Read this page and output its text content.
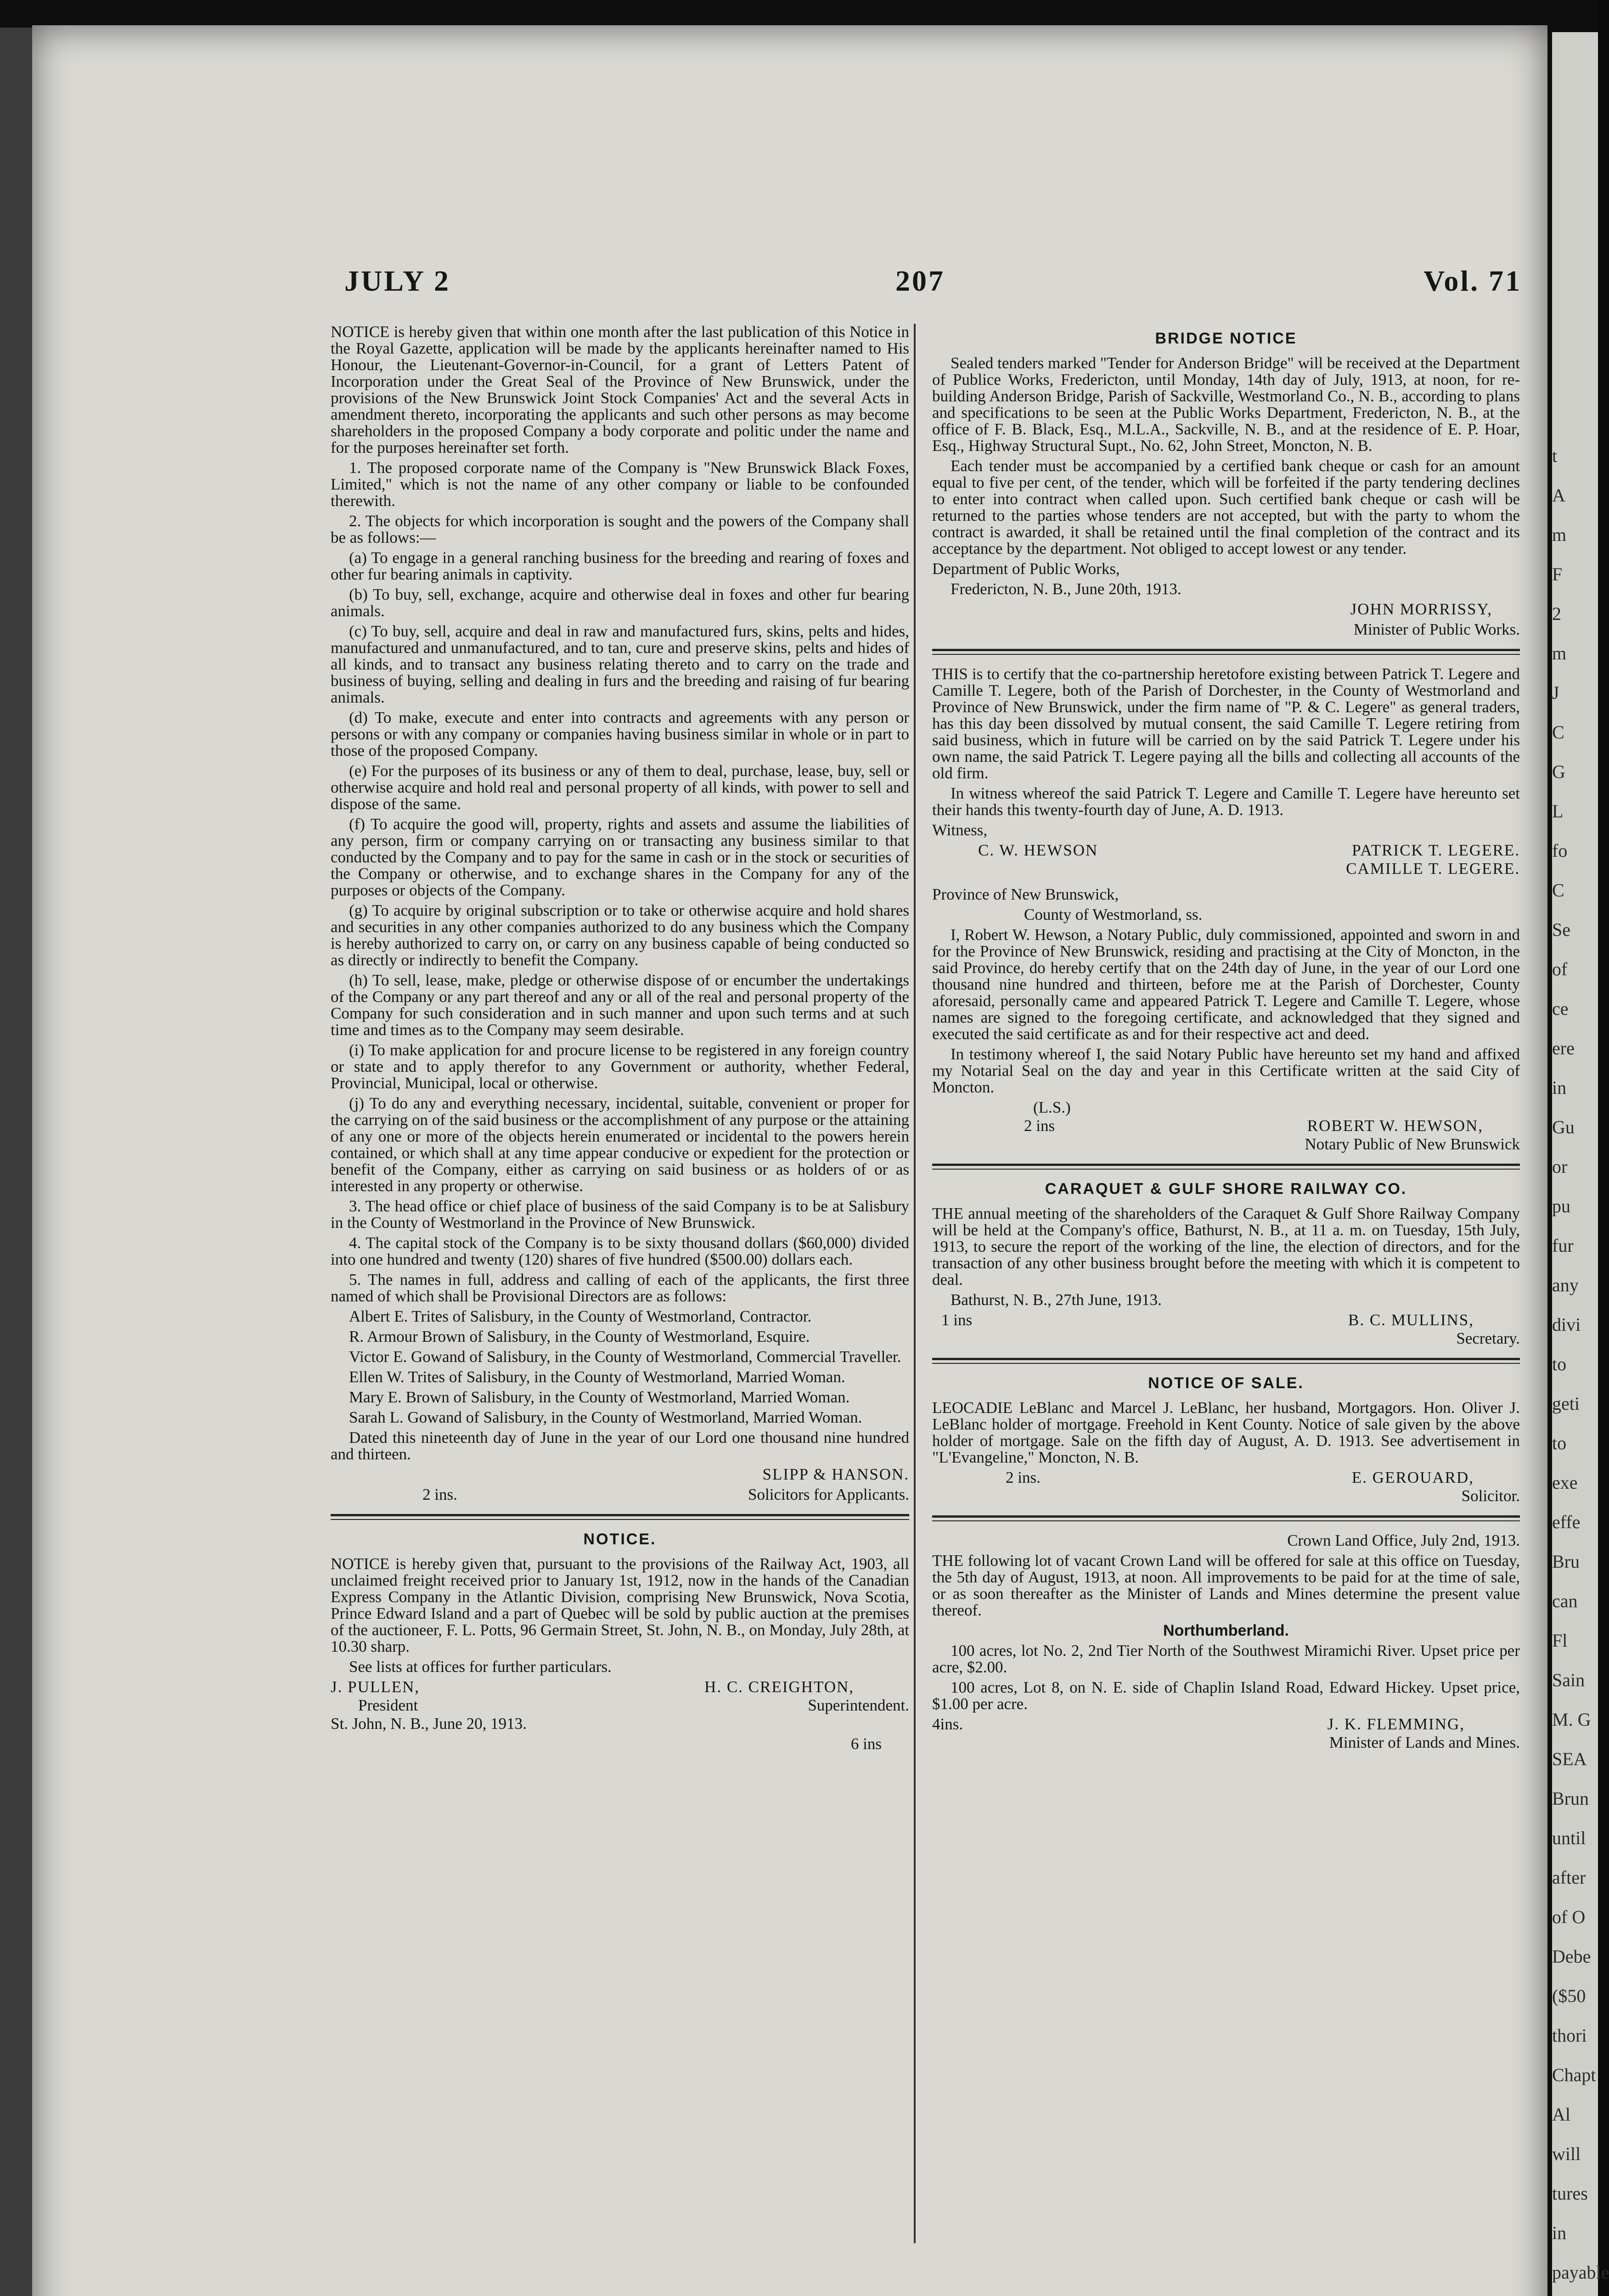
JULY 2	207	Vol. 71

NOTICE is hereby given that within one month after the last publication of this Notice in the Royal Gazette, application will be made by the applicants hereinafter named to His Honour, the Lieutenant-Governor-in-Council, for a grant of Letters Patent of Incorporation under the Great Seal of the Province of New Brunswick, under the provisions of the New Brunswick Joint Stock Companies' Act and the several Acts in amendment thereto, incorporating the applicants and such other persons as may become shareholders in the proposed Company a body corporate and politic under the name and for the purposes hereinafter set forth.

1. The proposed corporate name of the Company is "New Brunswick Black Foxes, Limited," which is not the name of any other company or liable to be confounded therewith.

2. The objects for which incorporation is sought and the powers of the Company shall be as follows:—

(a) To engage in a general ranching business for the breeding and rearing of foxes and other fur bearing animals in captivity.

(b) To buy, sell, exchange, acquire and otherwise deal in foxes and other fur bearing animals.

(c) To buy, sell, acquire and deal in raw and manufactured furs, skins, pelts and hides, manufactured and unmanufactured, and to tan, cure and preserve skins, pelts and hides of all kinds, and to transact any business relating thereto and to carry on the trade and business of buying, selling and dealing in furs and the breeding and raising of fur bearing animals.

(d) To make, execute and enter into contracts and agreements with any person or persons or with any company or companies having business similar in whole or in part to those of the proposed Company.

(e) For the purposes of its business or any of them to deal, purchase, lease, buy, sell or otherwise acquire and hold real and personal property of all kinds, with power to sell and dispose of the same.

(f) To acquire the good will, property, rights and assets and assume the liabilities of any person, firm or company carrying on or transacting any business similar to that conducted by the Company and to pay for the same in cash or in the stock or securities of the Company or otherwise, and to exchange shares in the Company for any of the purposes or objects of the Company.

(g) To acquire by original subscription or to take or otherwise acquire and hold shares and securities in any other companies authorized to do any business which the Company is hereby authorized to carry on, or carry on any business capable of being conducted so as directly or indirectly to benefit the Company.

(h) To sell, lease, make, pledge or otherwise dispose of or encumber the undertakings of the Company or any part thereof and any or all of the real and personal property of the Company for such consideration and in such manner and upon such terms and at such time and times as to the Company may seem desirable.

(i) To make application for and procure license to be registered in any foreign country or state and to apply therefor to any Government or authority, whether Federal, Provincial, Municipal, local or otherwise.

(j) To do any and everything necessary, incidental, suitable, convenient or proper for the carrying on of the said business or the accomplishment of any purpose or the attaining of any one or more of the objects herein enumerated or incidental to the powers herein contained, or which shall at any time appear conducive or expedient for the protection or benefit of the Company, either as carrying on said business or as holders of or as interested in any property or otherwise.

3. The head office or chief place of business of the said Company is to be at Salisbury in the County of Westmorland in the Province of New Brunswick.

4. The capital stock of the Company is to be sixty thousand dollars ($60,000) divided into one hundred and twenty (120) shares of five hundred ($500.00) dollars each.

5. The names in full, address and calling of each of the applicants, the first three named of which shall be Provisional Directors are as follows:

Albert E. Trites of Salisbury, in the County of Westmorland, Contractor.

R. Armour Brown of Salisbury, in the County of Westmorland, Esquire.

Victor E. Gowand of Salisbury, in the County of Westmorland, Commercial Traveller.

Ellen W. Trites of Salisbury, in the County of Westmorland, Married Woman.

Mary E. Brown of Salisbury, in the County of Westmorland, Married Woman.

Sarah L. Gowand of Salisbury, in the County of Westmorland, Married Woman.

Dated this nineteenth day of June in the year of our Lord one thousand nine hundred and thirteen.

SLIPP & HANSON.

2 ins.	Solicitors for Applicants.
NOTICE.

NOTICE is hereby given that, pursuant to the provisions of the Railway Act, 1903, all unclaimed freight received prior to January 1st, 1912, now in the hands of the Canadian Express Company in the Atlantic Division, comprising New Brunswick, Nova Scotia, Prince Edward Island and a part of Quebec will be sold by public auction at the premises of the auctioneer, F. L. Potts, 96 Germain Street, St. John, N. B., on Monday, July 28th, at 10.30 sharp.

See lists at offices for further particulars.

J. PULLEN,	H. C. CREIGHTON,
President	Superintendent.

St. John, N. B., June 20, 1913.

6 ins

BRIDGE NOTICE

Sealed tenders marked "Tender for Anderson Bridge" will be received at the Department of Publice Works, Fredericton, until Monday, 14th day of July, 1913, at noon, for re-building Anderson Bridge, Parish of Sackville, Westmorland Co., N. B., according to plans and specifications to be seen at the Public Works Department, Fredericton, N. B., at the office of F. B. Black, Esq., M.L.A., Sackville, N. B., and at the residence of E. P. Hoar, Esq., Highway Structural Supt., No. 62, John Street, Moncton, N. B.

Each tender must be accompanied by a certified bank cheque or cash for an amount equal to five per cent, of the tender, which will be forfeited if the party tendering declines to enter into contract when called upon. Such certified bank cheque or cash will be returned to the parties whose tenders are not accepted, but with the party to whom the contract is awarded, it shall be retained until the final completion of the contract and its acceptance by the department. Not obliged to accept lowest or any tender.

Department of Public Works,

Fredericton, N. B., June 20th, 1913.

JOHN MORRISSY,

Minister of Public Works.

THIS is to certify that the co-partnership heretofore existing between Patrick T. Legere and Camille T. Legere, both of the Parish of Dorchester, in the County of Westmorland and Province of New Brunswick, under the firm name of "P. & C. Legere" as general traders, has this day been dissolved by mutual consent, the said Camille T. Legere retiring from said business, which in future will be carried on by the said Patrick T. Legere under his own name, the said Patrick T. Legere paying all the bills and collecting all accounts of the old firm.

In witness whereof the said Patrick T. Legere and Camille T. Legere have hereunto set their hands this twenty-fourth day of June, A. D. 1913.

Witness,

C. W. HEWSON	PATRICK T. LEGERE.

CAMILLE T. LEGERE.

Province of New Brunswick,

County of Westmorland, ss.

I, Robert W. Hewson, a Notary Public, duly commissioned, appointed and sworn in and for the Province of New Brunswick, residing and practising at the City of Moncton, in the said Province, do hereby certify that on the 24th day of June, in the year of our Lord one thousand nine hundred and thirteen, before me at the Parish of Dorchester, County aforesaid, personally came and appeared Patrick T. Legere and Camille T. Legere, whose names are signed to the foregoing certificate, and acknowledged that they signed and executed the said certificate as and for their respective act and deed.

In testimony whereof I, the said Notary Public have hereunto set my hand and affixed my Notarial Seal on the day and year in this Certificate written at the said City of Moncton.

(L.S.)
2 ins	ROBERT W. HEWSON,

Notary Public of New Brunswick

CARAQUET & GULF SHORE RAILWAY CO.

THE annual meeting of the shareholders of the Caraquet & Gulf Shore Railway Company will be held at the Company's office, Bathurst, N. B., at 11 a. m. on Tuesday, 15th July, 1913, to secure the report of the working of the line, the election of directors, and for the transaction of any other business brought before the meeting with which it is competent to deal.

Bathurst, N. B., 27th June, 1913.

1 ins	B. C. MULLINS,

Secretary.

NOTICE OF SALE.

LEOCADIE LeBlanc and Marcel J. LeBlanc, her husband, Mortgagors. Hon. Oliver J. LeBlanc holder of mortgage. Freehold in Kent County. Notice of sale given by the above holder of mortgage. Sale on the fifth day of August, A. D. 1913. See advertisement in "L'Evangeline," Moncton, N. B.

2 ins.	E. GEROUARD,

Solicitor.

Crown Land Office, July 2nd, 1913.

THE following lot of vacant Crown Land will be offered for sale at this office on Tuesday, the 5th day of August, 1913, at noon. All improvements to be paid for at the time of sale, or as soon thereafter as the Minister of Lands and Mines determine the present value thereof.

Northumberland.

100 acres, lot No. 2, 2nd Tier North of the Southwest Miramichi River. Upset price per acre, $2.00.

100 acres, Lot 8, on N. E. side of Chaplin Island Road, Edward Hickey. Upset price, $1.00 per acre.

4ins.	J. K. FLEMMING,

Minister of Lands and Mines.

t
A
m
F
2
m
J
C
G
L
fo
C
Se
of
ce
ere
in
Gu
or
pu
fur
any
divi
to
geti
to
exe
effe
Bru
can
Fl
Sain
M. G
SEA
Brun
until
after
of O
Debe
($50
thori
Chapt
Al
will
tures
in
payable
